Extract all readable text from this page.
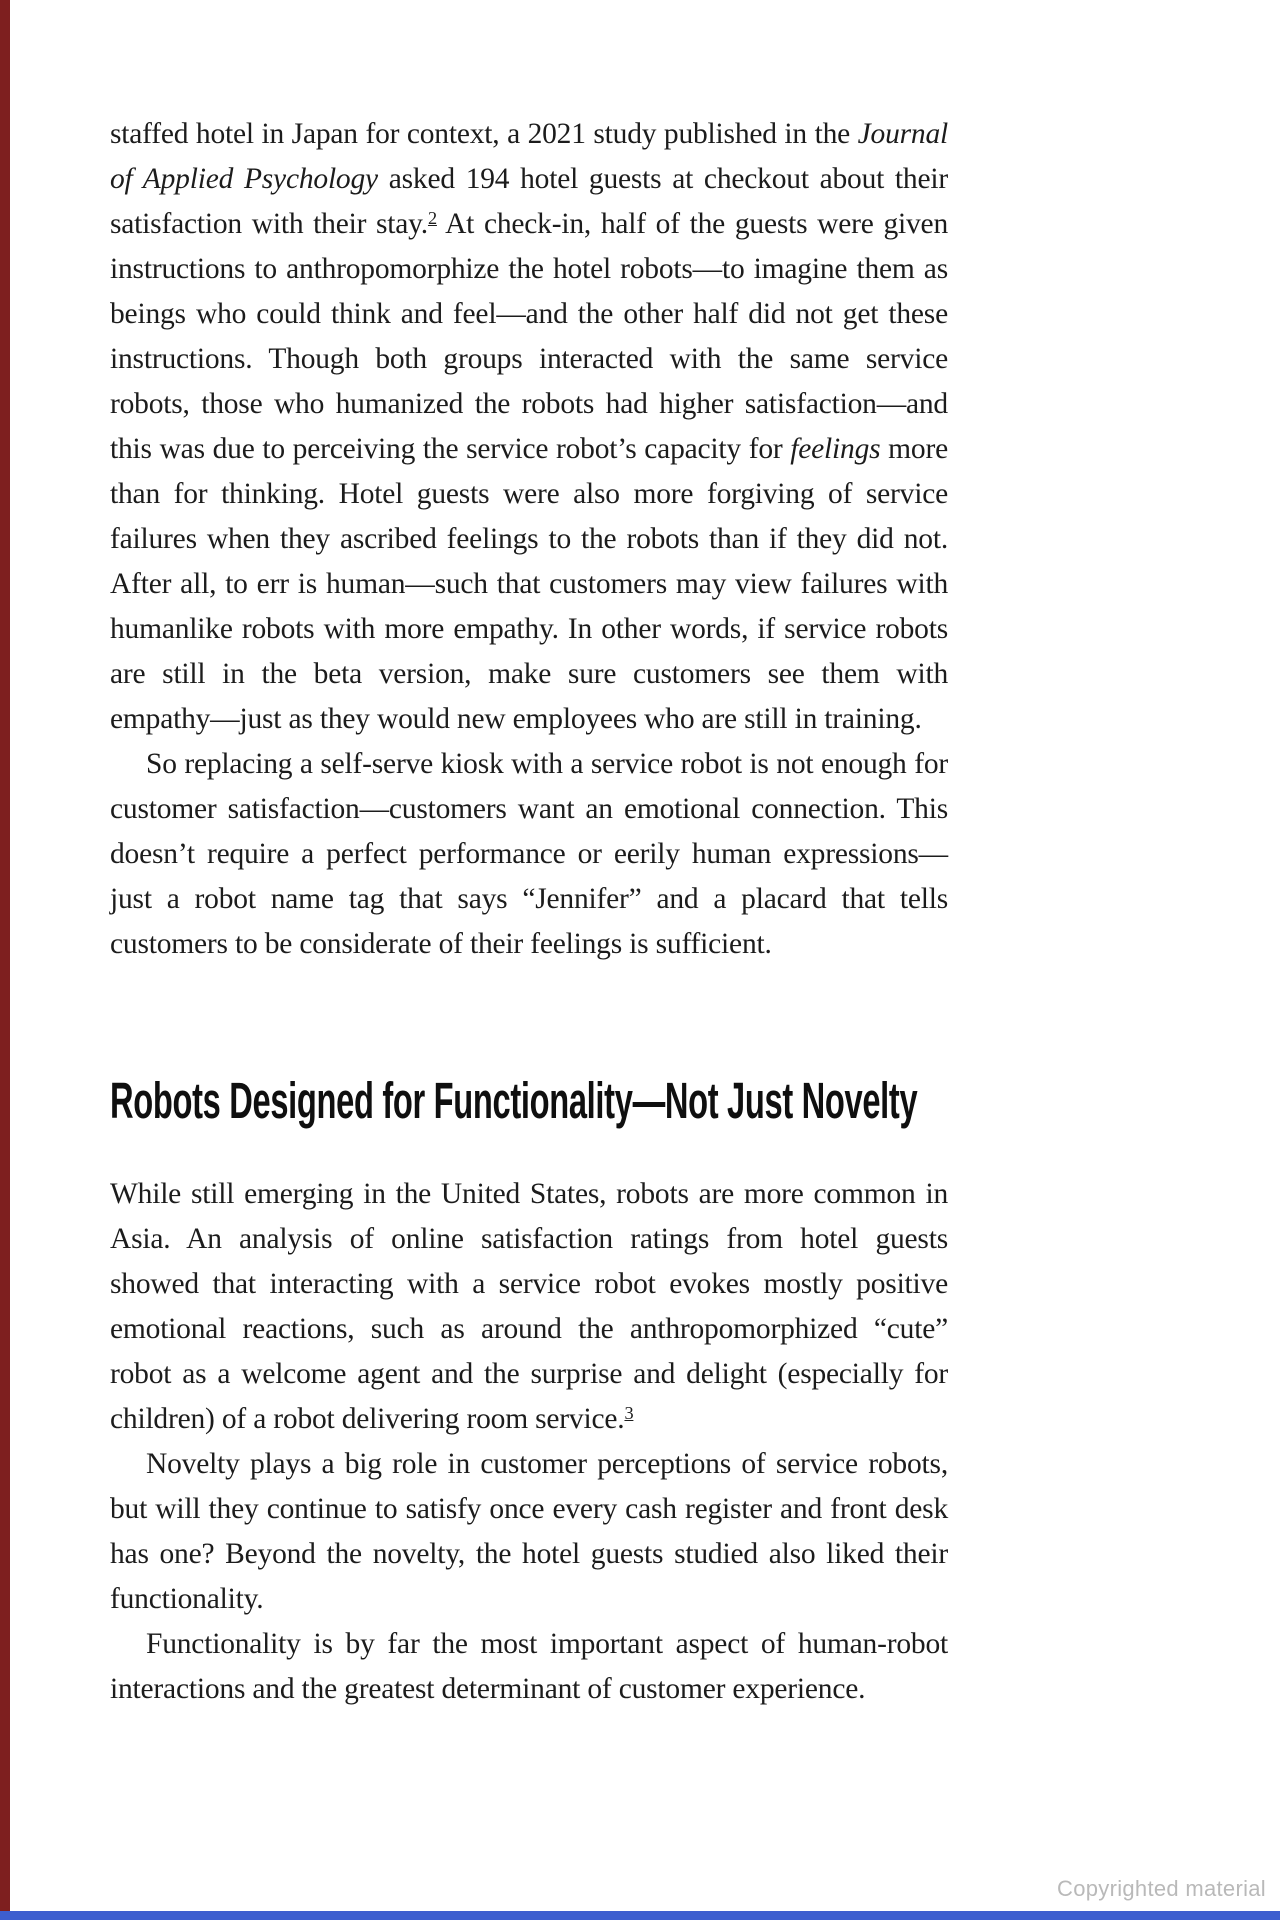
staffed hotel in Japan for context, a 2021 study published in the Journal of Applied Psychology asked 194 hotel guests at checkout about their satisfaction with their stay.$^2$ At check-in, half of the guests were given instructions to anthropomorphize the hotel robots—to imagine them as beings who could think and feel—and the other half did not get these instructions. Though both groups interacted with the same service robots, those who humanized the robots had higher satisfaction—and this was due to perceiving the service robot’s capacity for feelings more than for thinking. Hotel guests were also more forgiving of service failures when they ascribed feelings to the robots than if they did not. After all, to err is human—such that customers may view failures with humanlike robots with more empathy. In other words, if service robots are still in the beta version, make sure customers see them with empathy—just as they would new employees who are still in training.

So replacing a self-serve kiosk with a service robot is not enough for customer satisfaction—customers want an emotional connection. This doesn’t require a perfect performance or eerily human expressions—just a robot name tag that says “Jennifer” and a placard that tells customers to be considerate of their feelings is sufficient.

Robots Designed for Functionality—Not Just Novelty

While still emerging in the United States, robots are more common in Asia. An analysis of online satisfaction ratings from hotel guests showed that interacting with a service robot evokes mostly positive emotional reactions, such as around the anthropomorphized “cute” robot as a welcome agent and the surprise and delight (especially for children) of a robot delivering room service.$^3$

Novelty plays a big role in customer perceptions of service robots, but will they continue to satisfy once every cash register and front desk has one? Beyond the novelty, the hotel guests studied also liked their functionality.

Functionality is by far the most important aspect of human-robot interactions and the greatest determinant of customer experience.

Copyrighted material
